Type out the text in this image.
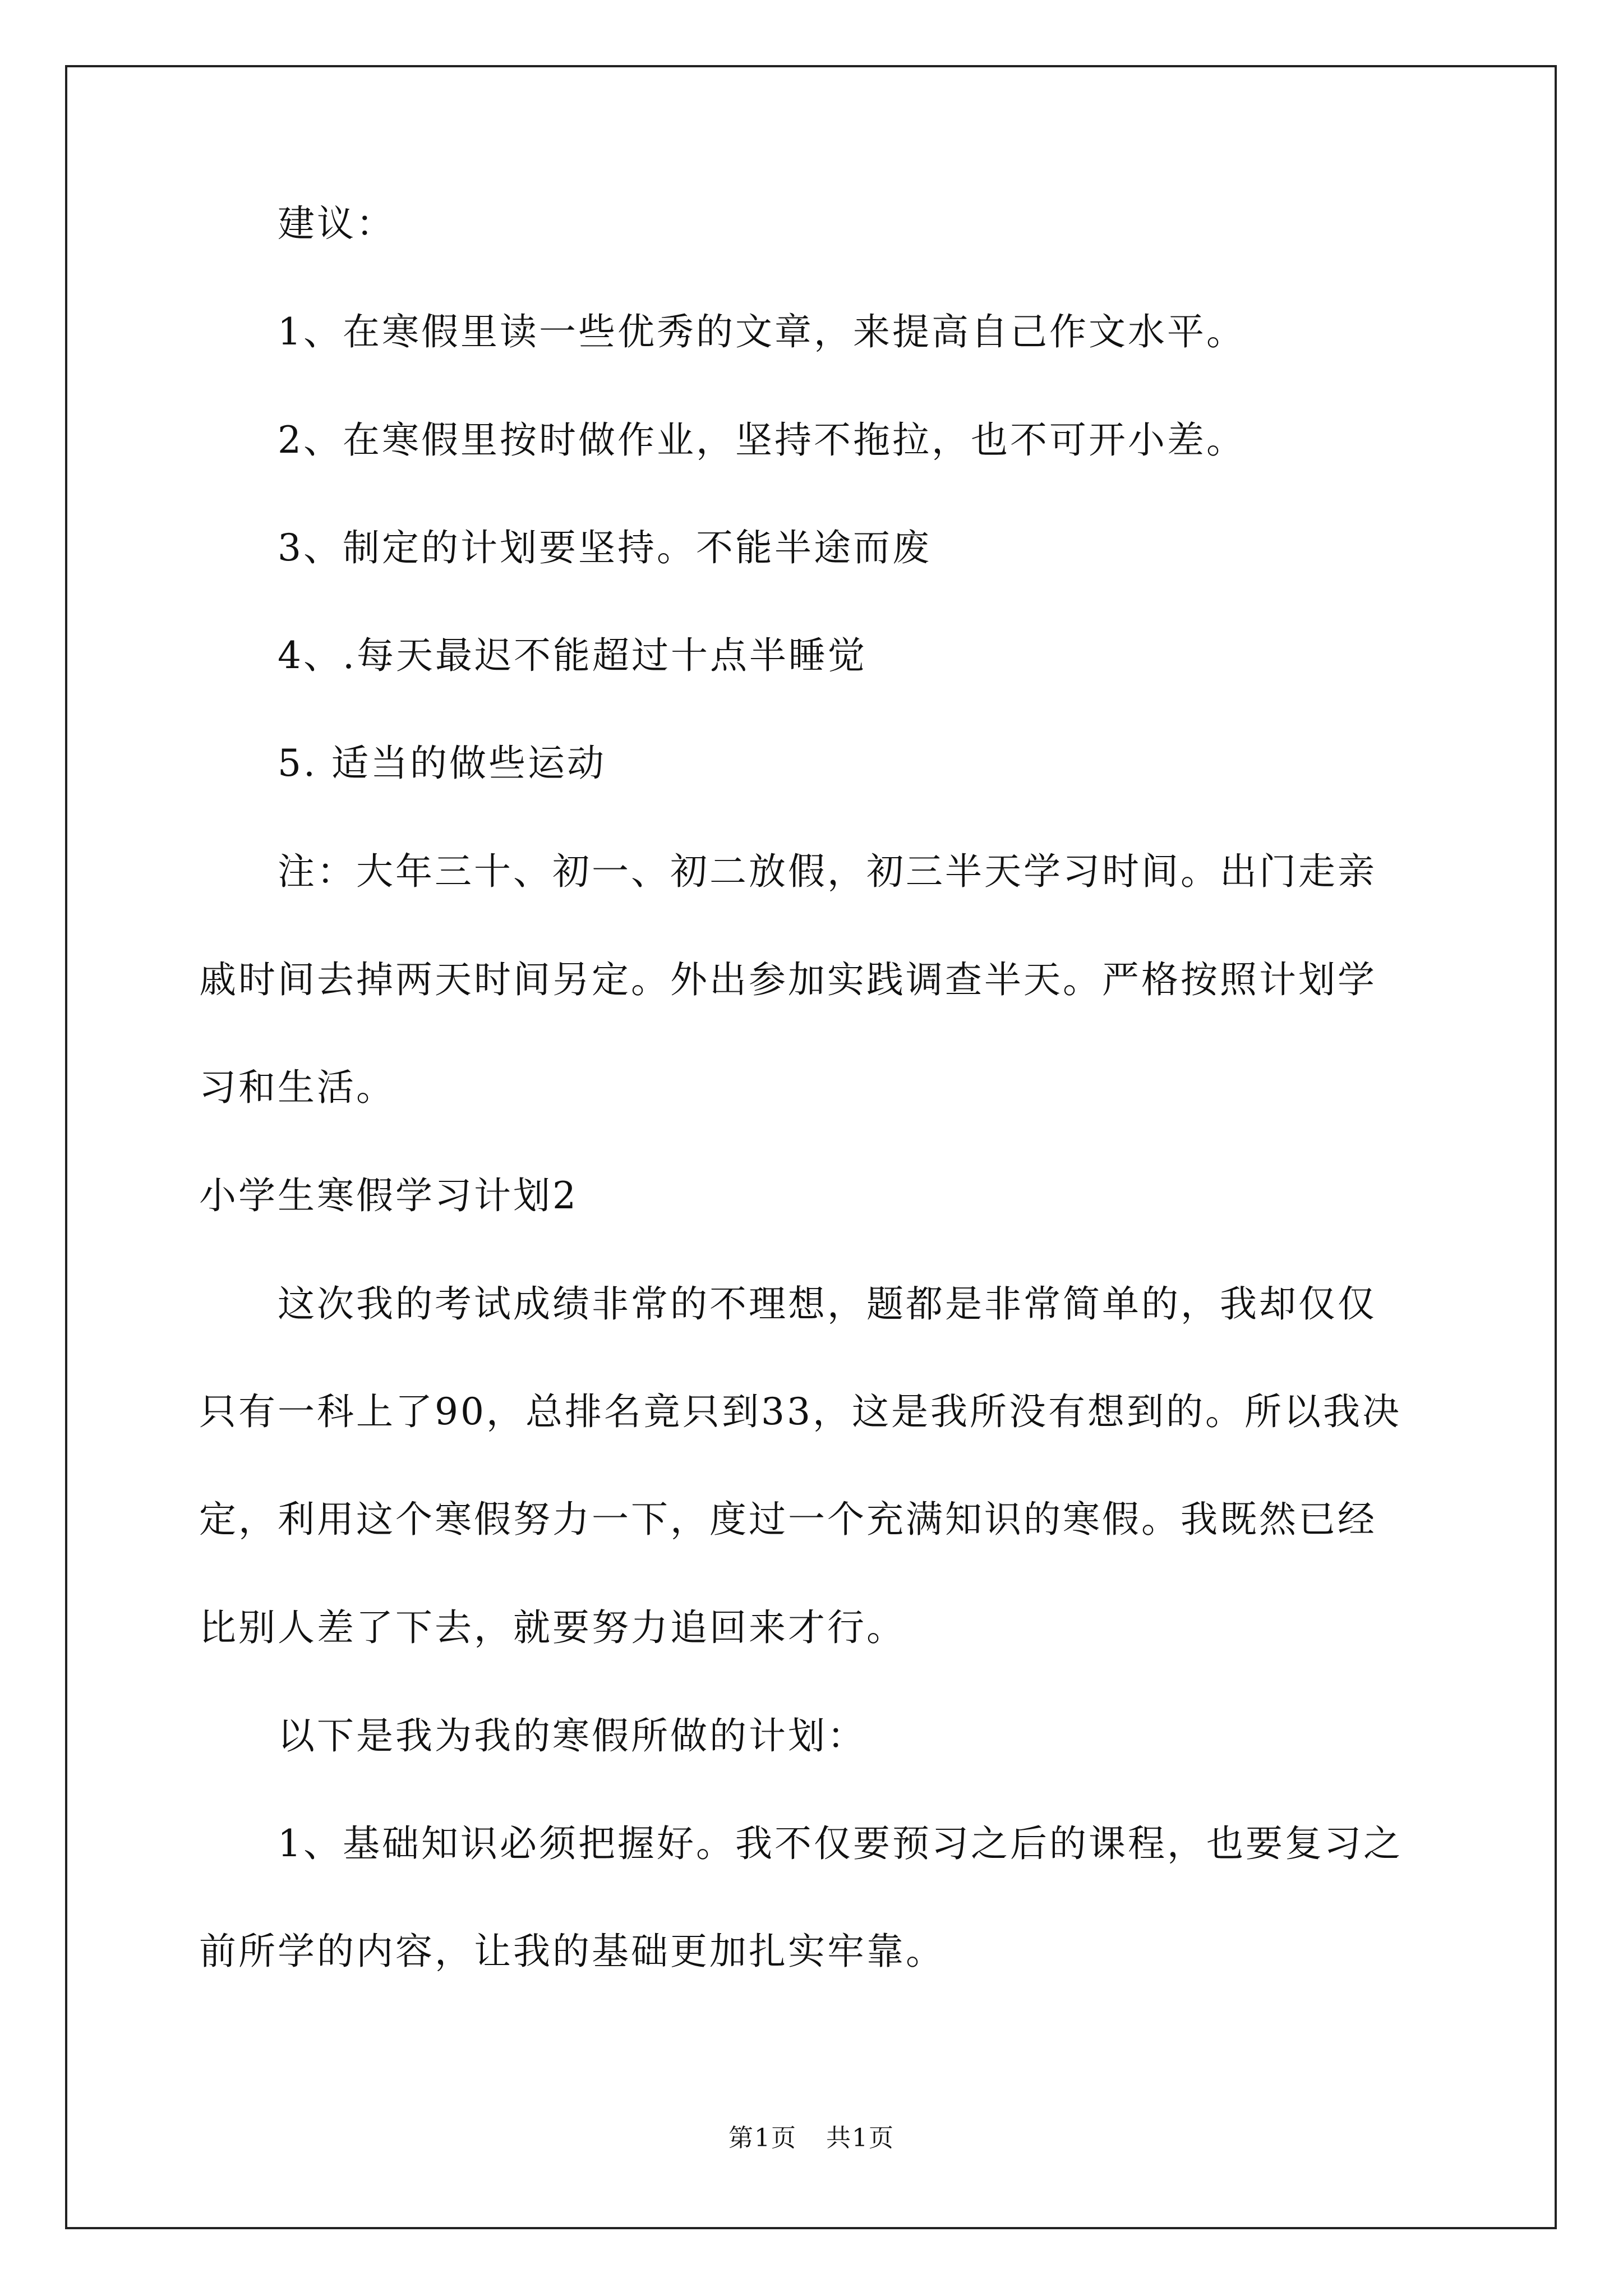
建议：
1、在寒假里读一些优秀的文章，来提高自己作文水平。
2、在寒假里按时做作业，坚持不拖拉，也不可开小差。
3、制定的计划要坚持。不能半途而废
4、.每天最迟不能超过十点半睡觉
5. 适当的做些运动
注：大年三十、初一、初二放假，初三半天学习时间。出门走亲
戚时间去掉两天时间另定。外出参加实践调查半天。严格按照计划学
习和生活。
小学生寒假学习计划2
这次我的考试成绩非常的不理想，题都是非常简单的，我却仅仅
只有一科上了90，总排名竟只到33，这是我所没有想到的。所以我决
定，利用这个寒假努力一下，度过一个充满知识的寒假。我既然已经
比别人差了下去，就要努力追回来才行。
以下是我为我的寒假所做的计划：
1、基础知识必须把握好。我不仅要预习之后的课程，也要复习之
前所学的内容，让我的基础更加扎实牢靠。
第1页 共1页
